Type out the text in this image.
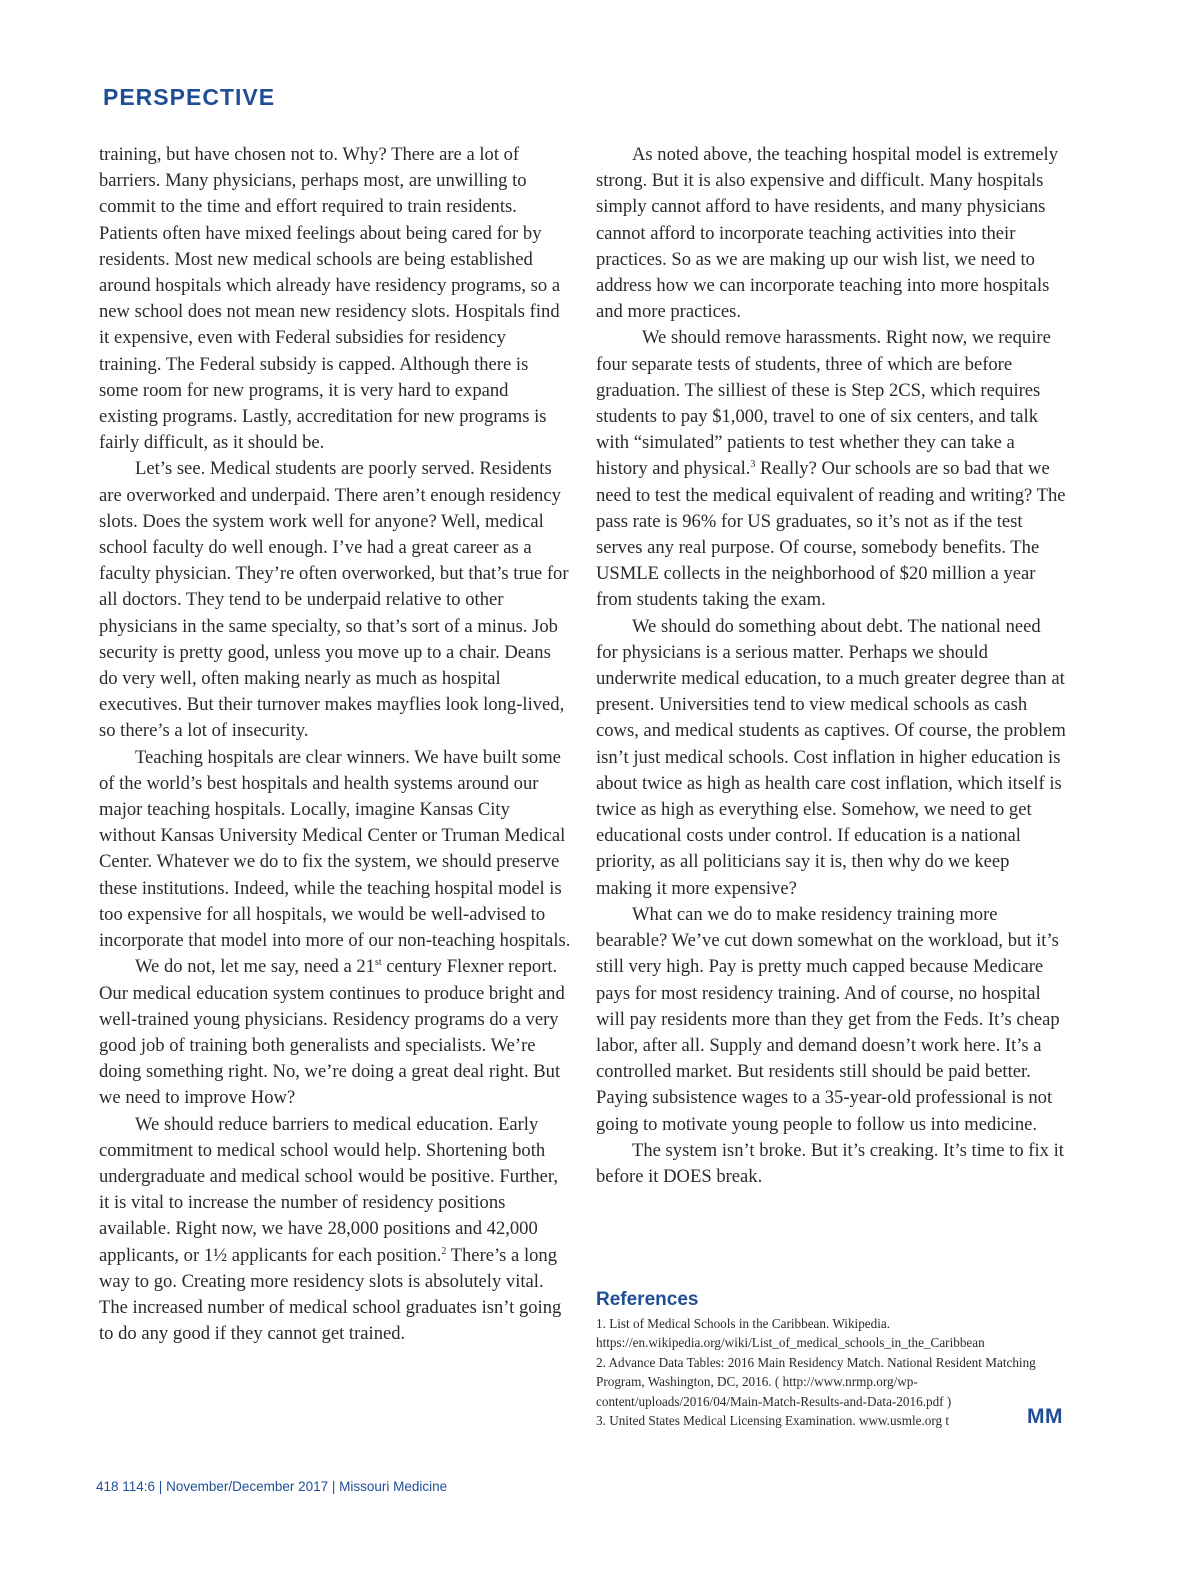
PERSPECTIVE

training, but have chosen not to. Why? There are a lot of barriers. Many physicians, perhaps most, are unwilling to commit to the time and effort required to train residents. Patients often have mixed feelings about being cared for by residents. Most new medical schools are being established around hospitals which already have residency programs, so a new school does not mean new residency slots. Hospitals find it expensive, even with Federal subsidies for residency training. The Federal subsidy is capped. Although there is some room for new programs, it is very hard to expand existing programs. Lastly, accreditation for new programs is fairly difficult, as it should be.

Let’s see. Medical students are poorly served. Residents are overworked and underpaid. There aren’t enough residency slots. Does the system work well for anyone? Well, medical school faculty do well enough. I’ve had a great career as a faculty physician. They’re often overworked, but that’s true for all doctors. They tend to be underpaid relative to other physicians in the same specialty, so that’s sort of a minus. Job security is pretty good, unless you move up to a chair. Deans do very well, often making nearly as much as hospital executives. But their turnover makes mayflies look long-lived, so there’s a lot of insecurity.

Teaching hospitals are clear winners. We have built some of the world’s best hospitals and health systems around our major teaching hospitals. Locally, imagine Kansas City without Kansas University Medical Center or Truman Medical Center. Whatever we do to fix the system, we should preserve these institutions. Indeed, while the teaching hospital model is too expensive for all hospitals, we would be well-advised to incorporate that model into more of our non-teaching hospitals.

We do not, let me say, need a 21st century Flexner report. Our medical education system continues to produce bright and well-trained young physicians. Residency programs do a very good job of training both generalists and specialists. We’re doing something right. No, we’re doing a great deal right. But we need to improve How?

We should reduce barriers to medical education. Early commitment to medical school would help. Shortening both undergraduate and medical school would be positive. Further, it is vital to increase the number of residency positions available. Right now, we have 28,000 positions and 42,000 applicants, or 1½ applicants for each position.$^2$ There’s a long way to go. Creating more residency slots is absolutely vital. The increased number of medical school graduates isn’t going to do any good if they cannot get trained.

As noted above, the teaching hospital model is extremely strong. But it is also expensive and difficult. Many hospitals simply cannot afford to have residents, and many physicians cannot afford to incorporate teaching activities into their practices. So as we are making up our wish list, we need to address how we can incorporate teaching into more hospitals and more practices.

We should remove harassments. Right now, we require four separate tests of students, three of which are before graduation. The silliest of these is Step 2CS, which requires students to pay $1,000, travel to one of six centers, and talk with “simulated” patients to test whether they can take a history and physical.$^3$ Really? Our schools are so bad that we need to test the medical equivalent of reading and writing? The pass rate is 96% for US graduates, so it’s not as if the test serves any real purpose. Of course, somebody benefits. The USMLE collects in the neighborhood of $20 million a year from students taking the exam.

We should do something about debt. The national need for physicians is a serious matter. Perhaps we should underwrite medical education, to a much greater degree than at present. Universities tend to view medical schools as cash cows, and medical students as captives. Of course, the problem isn’t just medical schools. Cost inflation in higher education is about twice as high as health care cost inflation, which itself is twice as high as everything else. Somehow, we need to get educational costs under control. If education is a national priority, as all politicians say it is, then why do we keep making it more expensive?

What can we do to make residency training more bearable? We’ve cut down somewhat on the workload, but it’s still very high. Pay is pretty much capped because Medicare pays for most residency training. And of course, no hospital will pay residents more than they get from the Feds. It’s cheap labor, after all. Supply and demand doesn’t work here. It’s a controlled market. But residents still should be paid better. Paying subsistence wages to a 35-year-old professional is not going to motivate young people to follow us into medicine.

The system isn’t broke. But it’s creaking. It’s time to fix it before it DOES break.

References

1. List of Medical Schools in the Caribbean. Wikipedia. https://en.wikipedia.org/wiki/List_of_medical_schools_in_the_Caribbean

2. Advance Data Tables: 2016 Main Residency Match. National Resident Matching Program, Washington, DC, 2016. ( http://www.nrmp.org/wp-content/uploads/2016/04/Main-Match-Results-and-Data-2016.pdf )

3. United States Medical Licensing Examination. www.usmle.org t	MM
418 114:6 | November/December 2017 | Missouri Medicine
